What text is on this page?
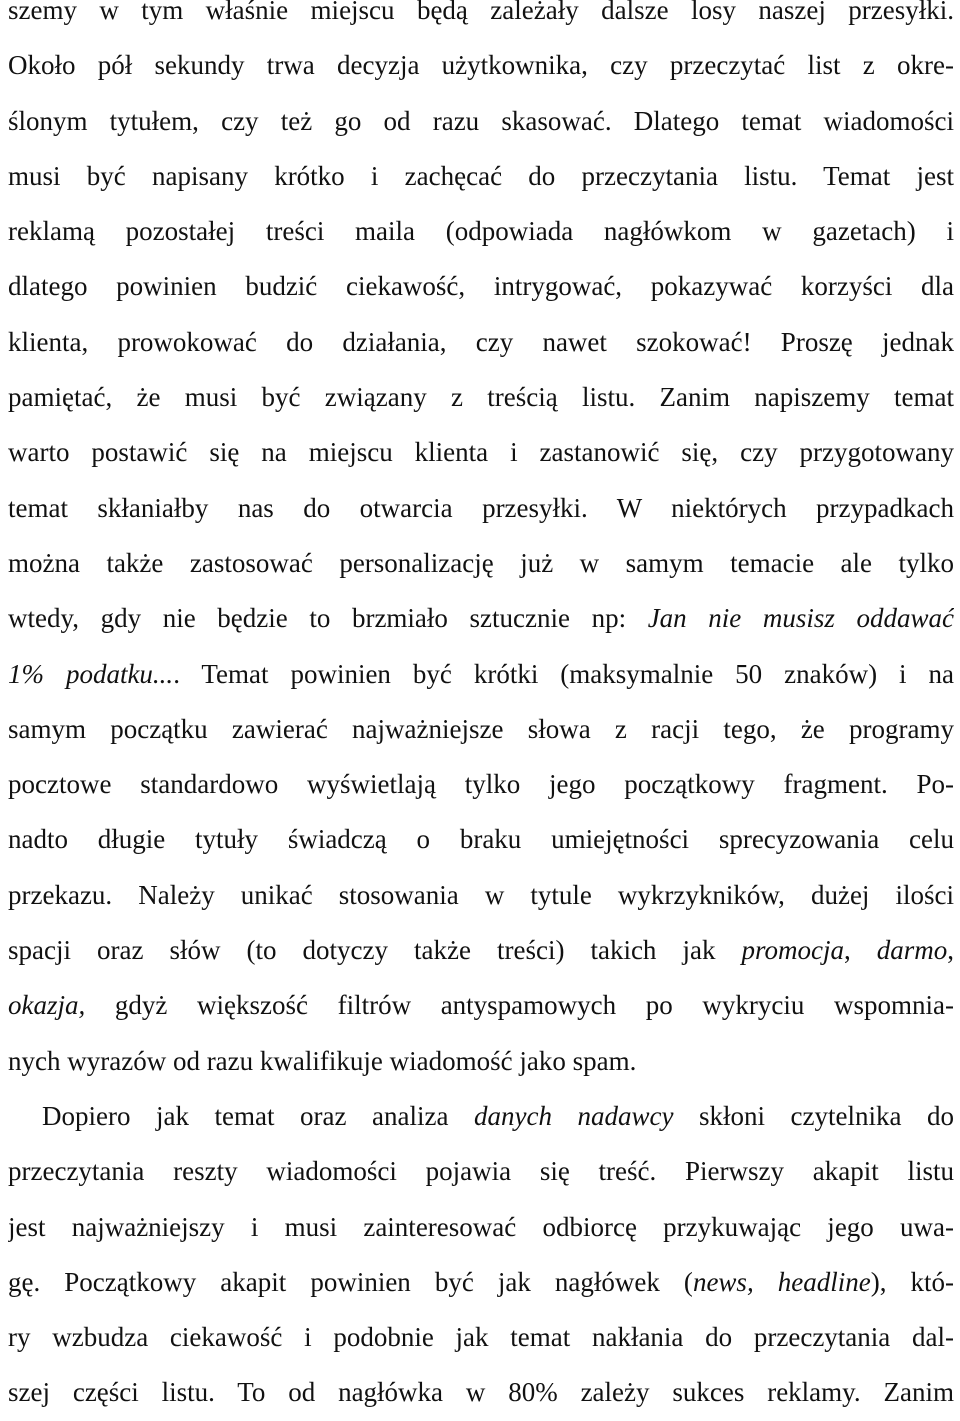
szemy w tym właśnie miejscu będą zależały dalsze losy naszej przesyłki.
Około pół sekundy trwa decyzja użytkownika, czy przeczytać list z okre-
ślonym tytułem, czy też go od razu skasować. Dlatego temat wiadomości
musi być napisany krótko i zachęcać do przeczytania listu. Temat jest
reklamą pozostałej treści maila (odpowiada nagłówkom w gazetach) i
dlatego powinien budzić ciekawość, intrygować, pokazywać korzyści dla
klienta, prowokować do działania, czy nawet szokować! Proszę jednak
pamiętać, że musi być związany z treścią listu. Zanim napiszemy temat
warto postawić się na miejscu klienta i zastanowić się, czy przygotowany
temat skłaniałby nas do otwarcia przesyłki. W niektórych przypadkach
można także zastosować personalizację już w samym temacie ale tylko
wtedy, gdy nie będzie to brzmiało sztucznie np: Jan nie musisz oddawać
1% podatku.... Temat powinien być krótki (maksymalnie 50 znaków) i na
samym początku zawierać najważniejsze słowa z racji tego, że programy
pocztowe standardowo wyświetlają tylko jego początkowy fragment. Po-
nadto długie tytuły świadczą o braku umiejętności sprecyzowania celu
przekazu. Należy unikać stosowania w tytule wykrzykników, dużej ilości
spacji oraz słów (to dotyczy także treści) takich jak promocja, darmo,
okazja, gdyż większość filtrów antyspamowych po wykryciu wspomnia-
nych wyrazów od razu kwalifikuje wiadomość jako spam.
Dopiero jak temat oraz analiza danych nadawcy skłoni czytelnika do
przeczytania reszty wiadomości pojawia się treść. Pierwszy akapit listu
jest najważniejszy i musi zainteresować odbiorcę przykuwając jego uwa-
gę. Początkowy akapit powinien być jak nagłówek (news, headline), któ-
ry wzbudza ciekawość i podobnie jak temat nakłania do przeczytania dal-
szej części listu. To od nagłówka w 80% zależy sukces reklamy. Zanim
